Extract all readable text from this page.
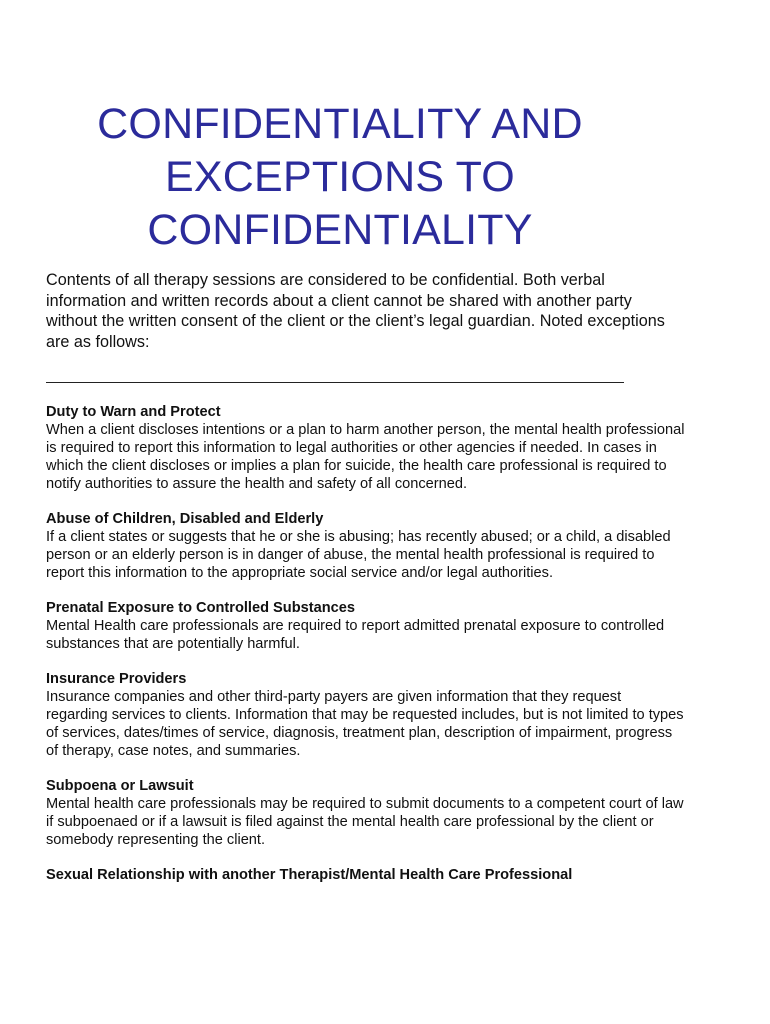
CONFIDENTIALITY AND
EXCEPTIONS TO
CONFIDENTIALITY

Contents of all therapy sessions are considered to be confidential. Both verbal information and written records about a client cannot be shared with another party without the written consent of the client or the client’s legal guardian. Noted exceptions are as follows:

Duty to Warn and Protect

When a client discloses intentions or a plan to harm another person, the mental health professional is required to report this information to legal authorities or other agencies if needed. In cases in which the client discloses or implies a plan for suicide, the health care professional is required to notify authorities to assure the health and safety of all concerned.

Abuse of Children, Disabled and Elderly

If a client states or suggests that he or she is abusing; has recently abused; or a child, a disabled person or an elderly person is in danger of abuse, the mental health professional is required to report this information to the appropriate social service and/or legal authorities.

Prenatal Exposure to Controlled Substances

Mental Health care professionals are required to report admitted prenatal exposure to controlled substances that are potentially harmful.

Insurance Providers

Insurance companies and other third-party payers are given information that they request regarding services to clients. Information that may be requested includes, but is not limited to types of services, dates/times of service, diagnosis, treatment plan, description of impairment, progress of therapy, case notes, and summaries.

Subpoena or Lawsuit

Mental health care professionals may be required to submit documents to a competent court of law if subpoenaed or if a lawsuit is filed against the mental health care professional by the client or somebody representing the client.

Sexual Relationship with another Therapist/Mental Health Care Professional
